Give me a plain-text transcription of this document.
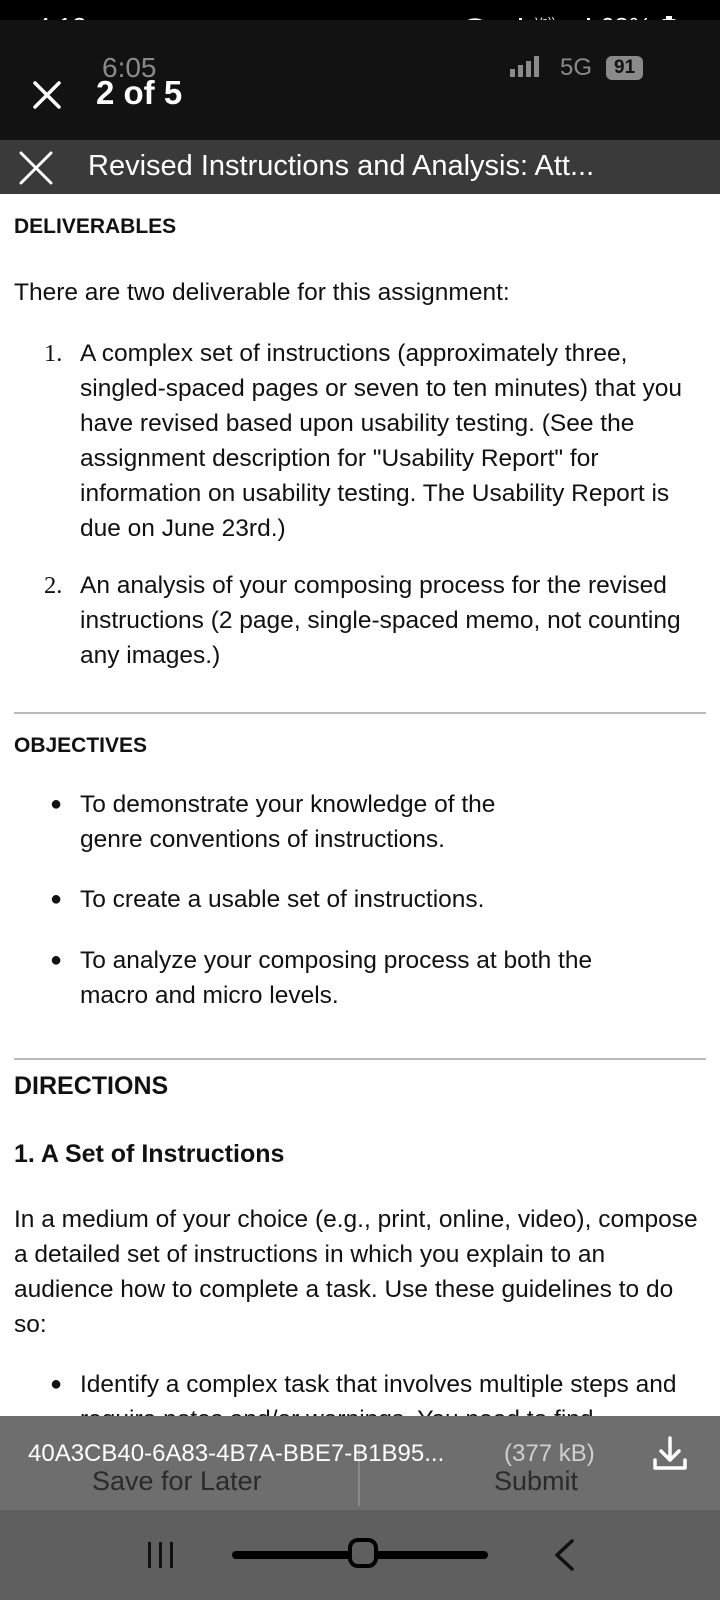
6:05
2 of 5
5G	91
Revised Instructions and Analysis: Att...
DELIVERABLES
There are two deliverable for this assignment:
1. A complex set of instructions (approximately three, singled-spaced pages or seven to ten minutes) that you have revised based upon usability testing. (See the assignment description for "Usability Report" for information on usability testing. The Usability Report is due on June 23rd.)
2. An analysis of your composing process for the revised instructions (2 page, single-spaced memo, not counting any images.)
OBJECTIVES
● To demonstrate your knowledge of the genre conventions of instructions.
● To create a usable set of instructions.
● To analyze your composing process at both the macro and micro levels.
DIRECTIONS
1. A Set of Instructions
In a medium of your choice (e.g., print, online, video), compose a detailed set of instructions in which you explain to an audience how to complete a task. Use these guidelines to do so:
● Identify a complex task that involves multiple steps and
Save for Later	Submit
40A3CB40-6A83-4B7A-BBE7-B1B95... (377 kB)
